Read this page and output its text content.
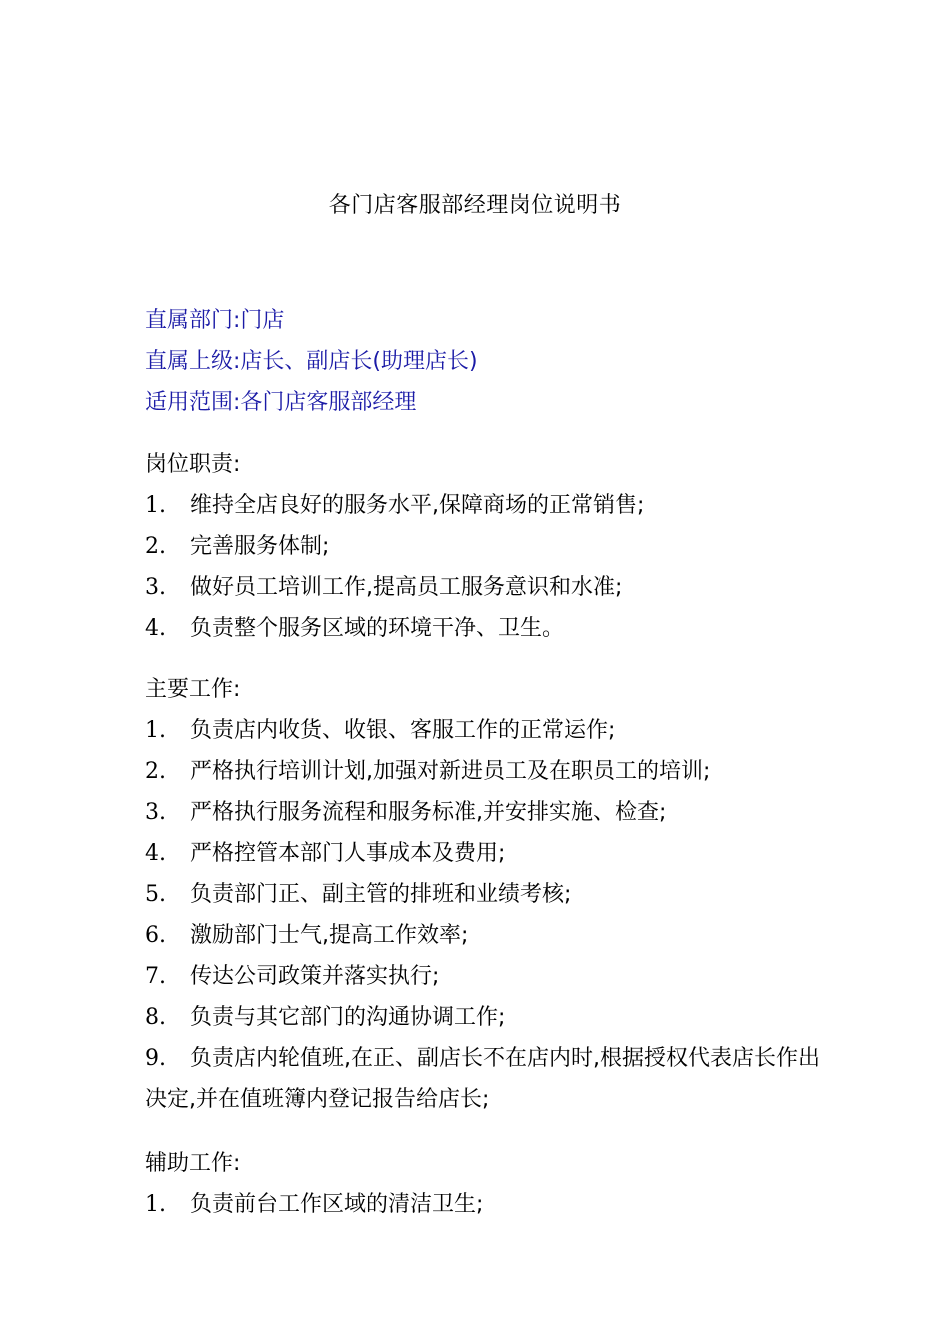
各门店客服部经理岗位说明书
直属部门:门店
直属上级:店长、副店长(助理店长)
适用范围:各门店客服部经理
岗位职责:
1.	维持全店良好的服务水平,保障商场的正常销售;
2.	完善服务体制;
3.	做好员工培训工作,提高员工服务意识和水准;
4.	负责整个服务区域的环境干净、卫生。
主要工作:
1.	负责店内收货、收银、客服工作的正常运作;
2.	严格执行培训计划,加强对新进员工及在职员工的培训;
3.	严格执行服务流程和服务标准,并安排实施、检查;
4.	严格控管本部门人事成本及费用;
5.	负责部门正、副主管的排班和业绩考核;
6.	激励部门士气,提高工作效率;
7.	传达公司政策并落实执行;
8.	负责与其它部门的沟通协调工作;
9. 负责店内轮值班,在正、副店长不在店内时,根据授权代表店长作出决定,并在值班簿内登记报告给店长;
辅助工作:
1.	负责前台工作区域的清洁卫生;
